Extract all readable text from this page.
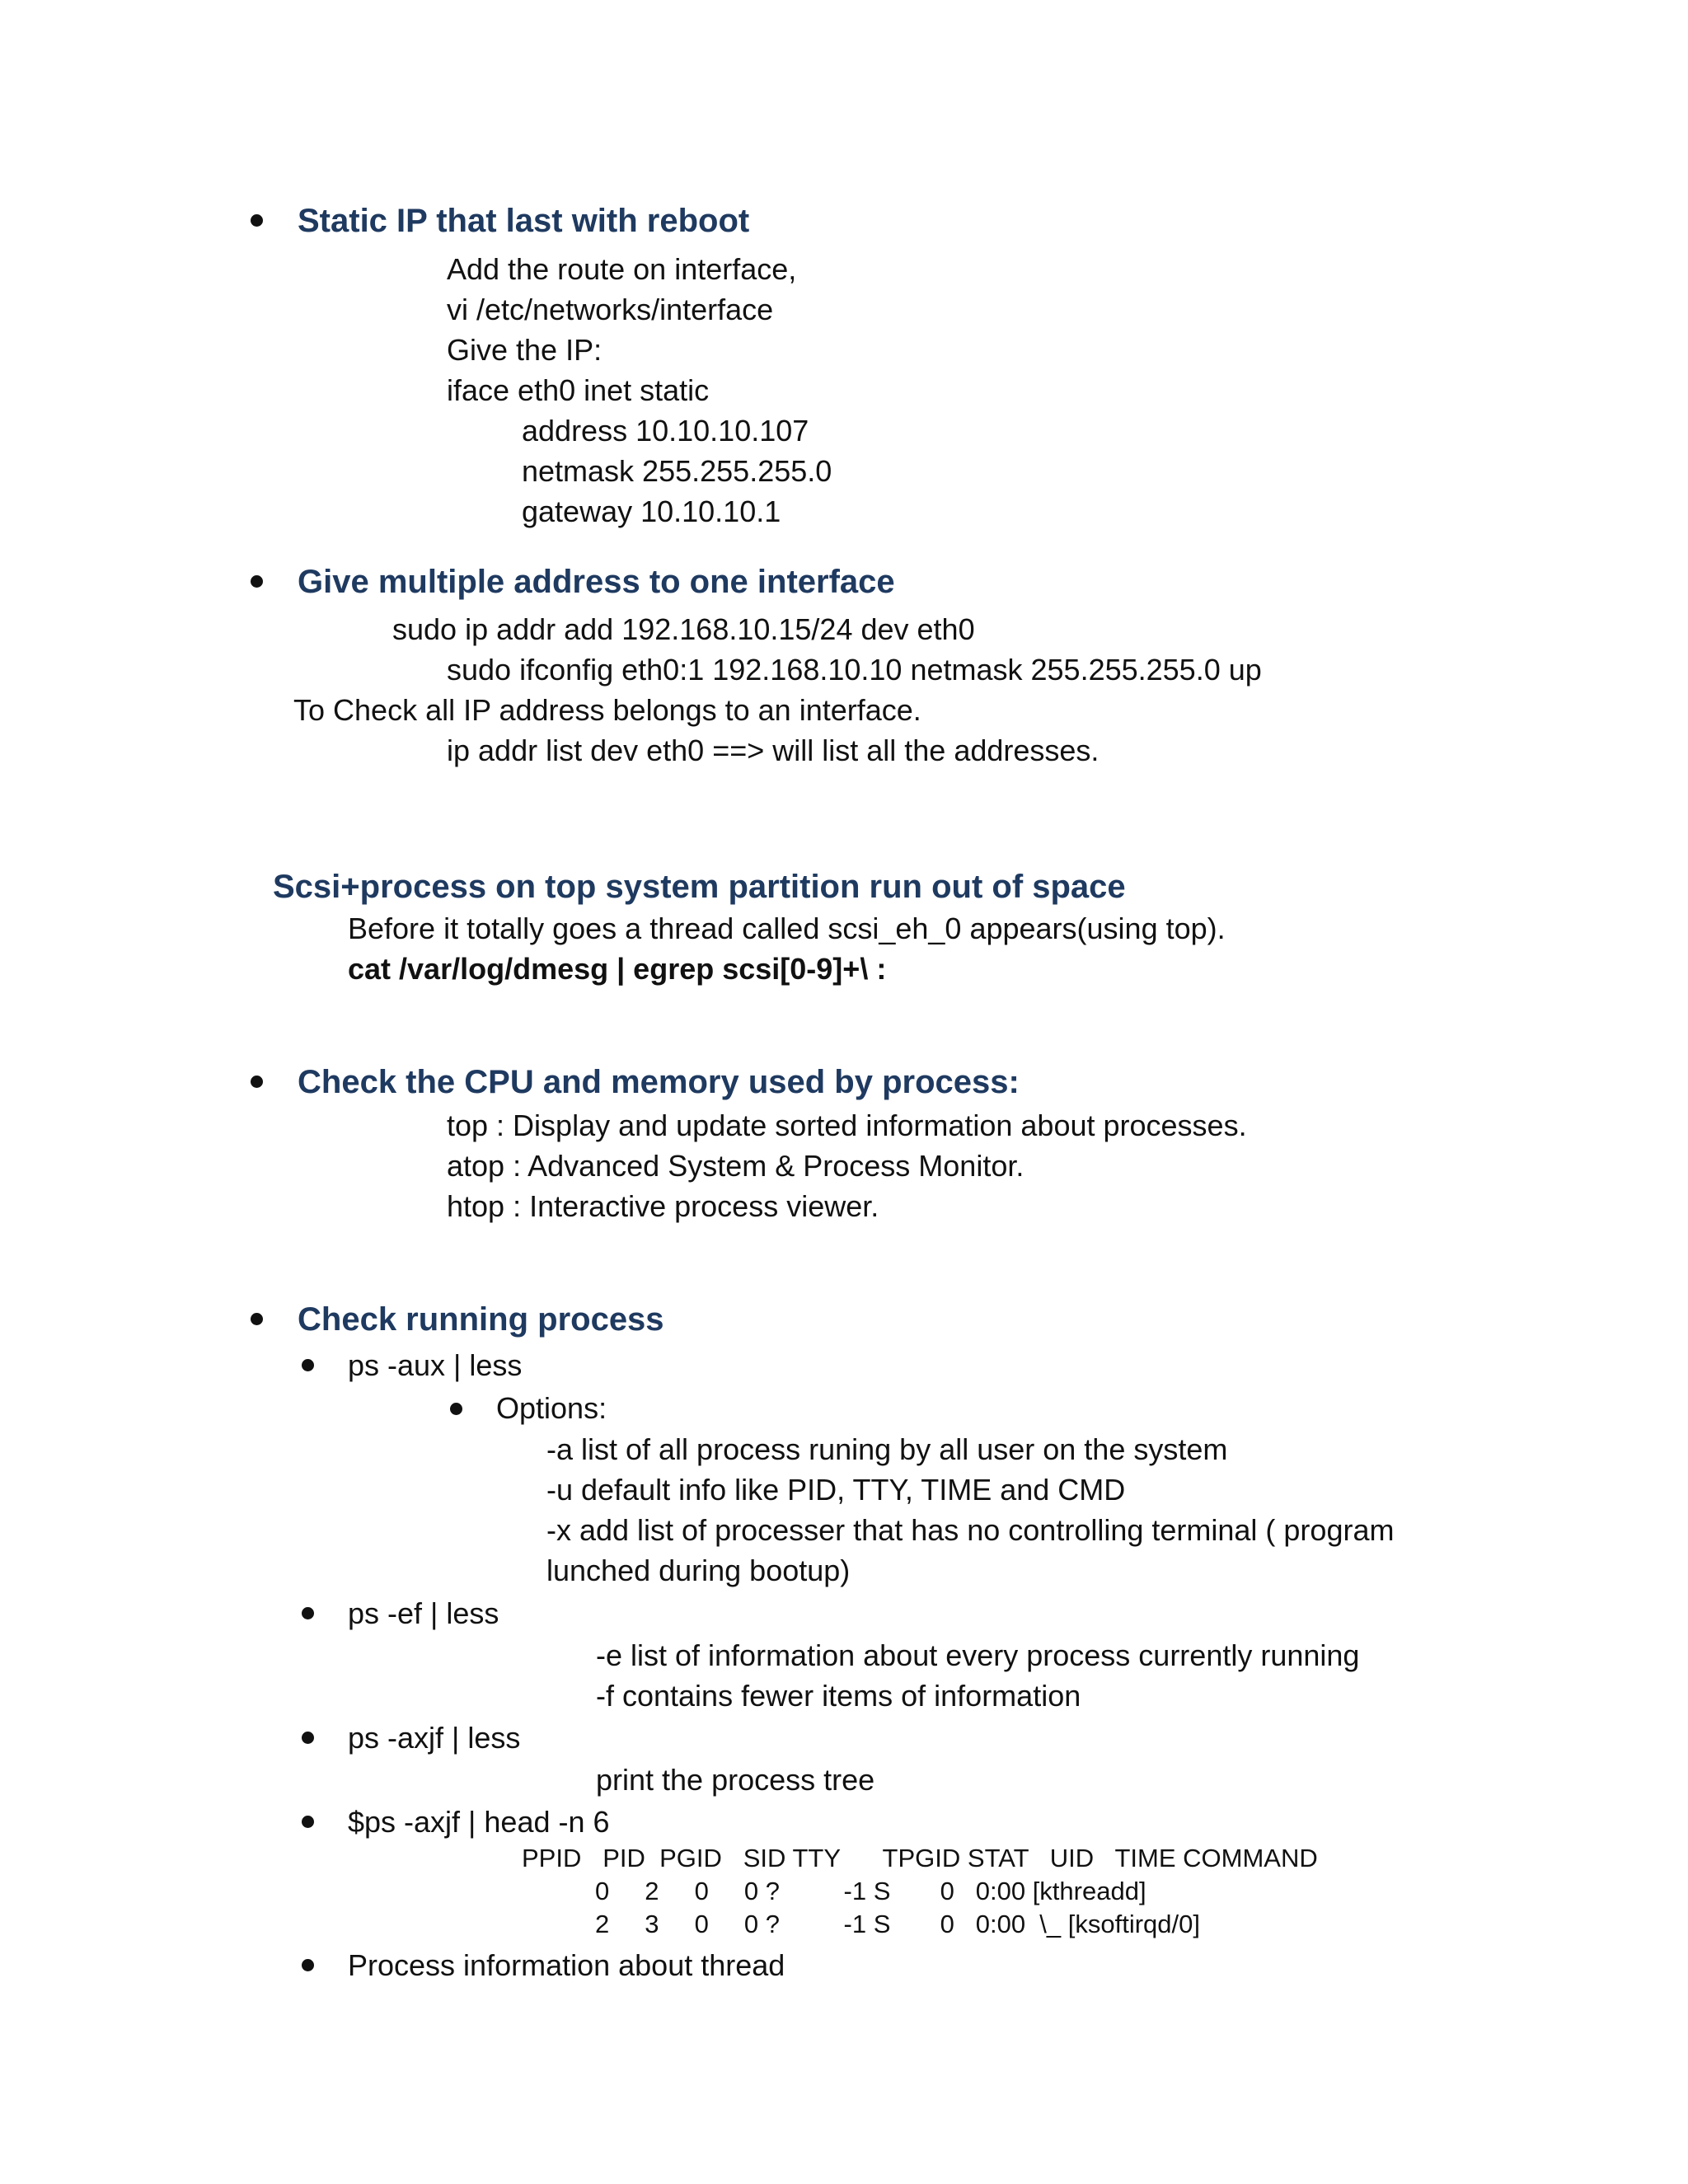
Static IP that last with reboot
Add the route on interface,
vi /etc/networks/interface
Give the IP:
iface eth0 inet static
address 10.10.10.107
netmask 255.255.255.0
gateway 10.10.10.1
Give multiple address to one interface
sudo ip addr add 192.168.10.15/24 dev eth0
sudo ifconfig eth0:1 192.168.10.10 netmask 255.255.255.0 up
To Check all IP address belongs to an interface.
ip addr list dev eth0 ==> will list all the addresses.
Scsi+process on top system partition run out of space
Before it totally goes a thread called scsi_eh_0 appears(using top).
cat /var/log/dmesg | egrep scsi[0-9]+\ :
Check the CPU and memory used by process:
top : Display and update sorted information about processes.
atop : Advanced System & Process Monitor.
htop : Interactive process viewer.
Check running process
ps -aux | less
Options:
-a list of all process runing by all user on the system
-u default info like PID, TTY, TIME and CMD
-x add list of processer that has no controlling terminal ( program
lunched during bootup)
ps -ef | less
-e list of information about every process currently running
-f contains fewer items of information
ps -axjf | less
print the process tree
$ps -axjf | head -n 6
PPID   PID  PGID   SID TTY      TPGID STAT   UID   TIME COMMAND
0     2     0     0 ?         -1 S       0   0:00 [kthreadd]
2     3     0     0 ?         -1 S       0   0:00  \_ [ksoftirqd/0]
Process information about thread
